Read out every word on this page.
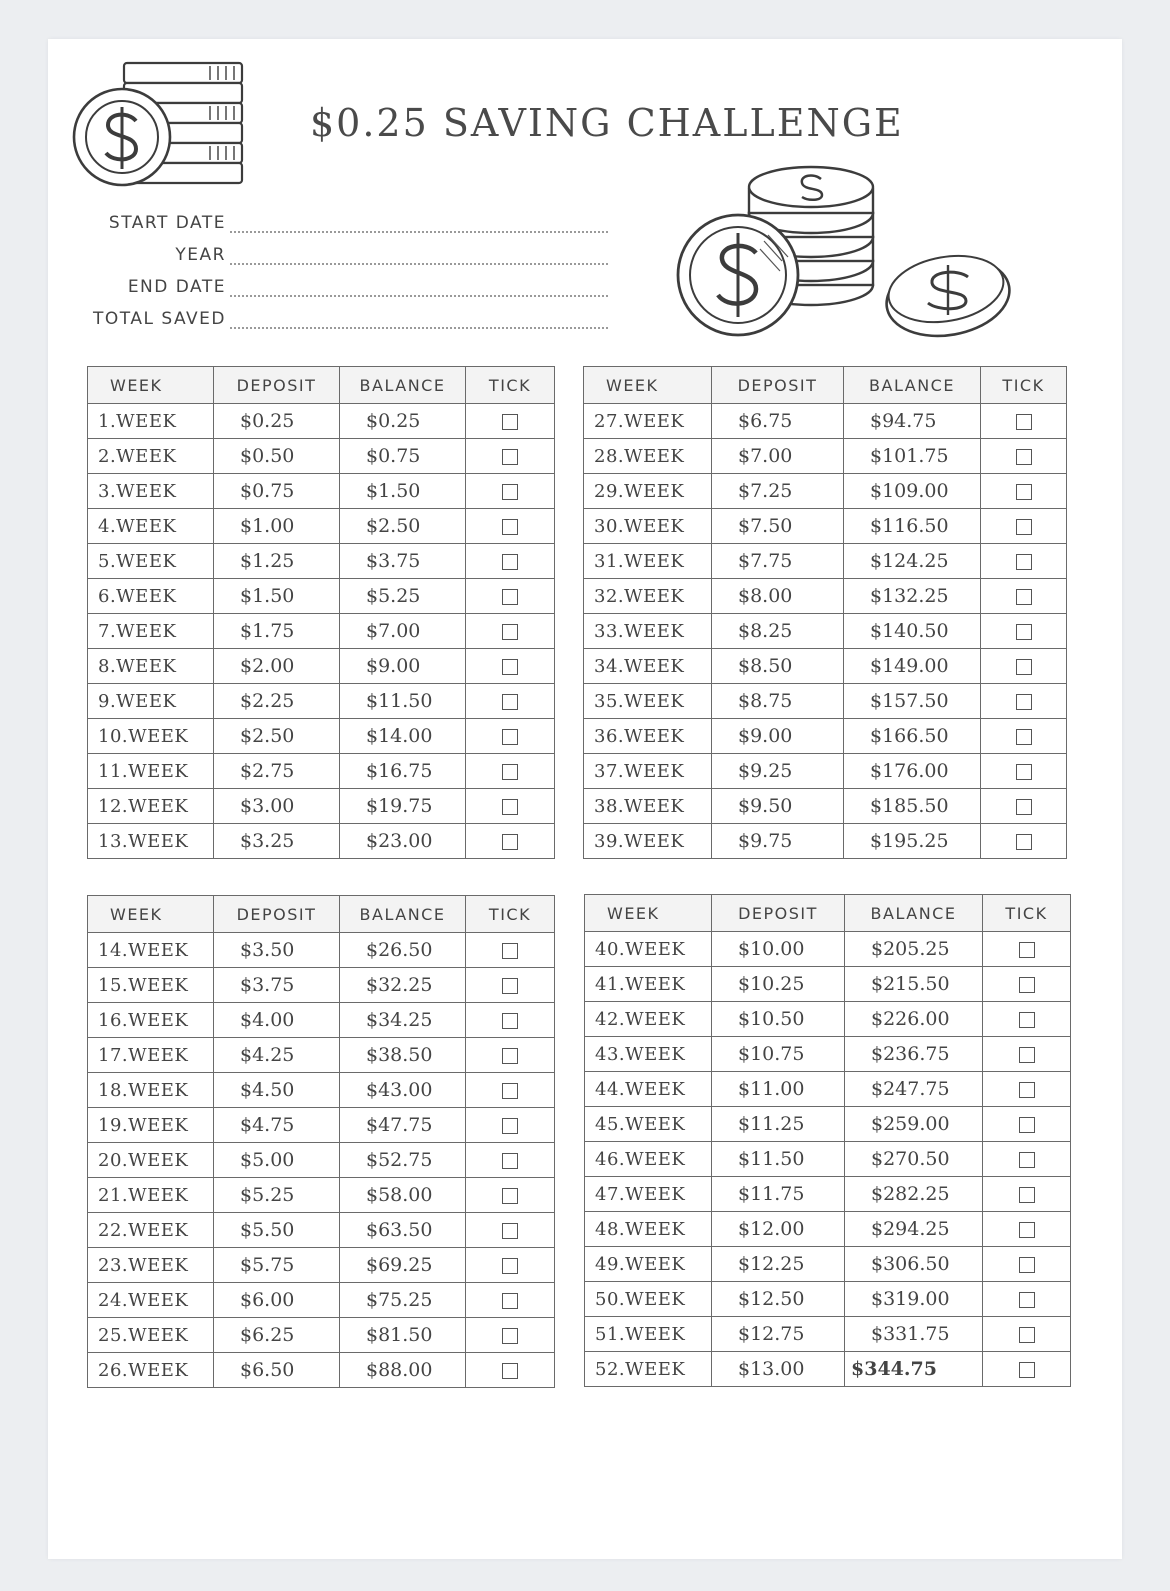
$0.25 SAVING CHALLENGE
START DATE
YEAR
END DATE
TOTAL SAVED
WEEK	DEPOSIT	BALANCE	TICK
1.WEEK	$0.25	$0.25	
2.WEEK	$0.50	$0.75	
3.WEEK	$0.75	$1.50	
4.WEEK	$1.00	$2.50	
5.WEEK	$1.25	$3.75	
6.WEEK	$1.50	$5.25	
7.WEEK	$1.75	$7.00	
8.WEEK	$2.00	$9.00	
9.WEEK	$2.25	$11.50	
10.WEEK	$2.50	$14.00	
11.WEEK	$2.75	$16.75	
12.WEEK	$3.00	$19.75	
13.WEEK	$3.25	$23.00	
WEEK	DEPOSIT	BALANCE	TICK
27.WEEK	$6.75	$94.75	
28.WEEK	$7.00	$101.75	
29.WEEK	$7.25	$109.00	
30.WEEK	$7.50	$116.50	
31.WEEK	$7.75	$124.25	
32.WEEK	$8.00	$132.25	
33.WEEK	$8.25	$140.50	
34.WEEK	$8.50	$149.00	
35.WEEK	$8.75	$157.50	
36.WEEK	$9.00	$166.50	
37.WEEK	$9.25	$176.00	
38.WEEK	$9.50	$185.50	
39.WEEK	$9.75	$195.25	
WEEK	DEPOSIT	BALANCE	TICK
14.WEEK	$3.50	$26.50	
15.WEEK	$3.75	$32.25	
16.WEEK	$4.00	$34.25	
17.WEEK	$4.25	$38.50	
18.WEEK	$4.50	$43.00	
19.WEEK	$4.75	$47.75	
20.WEEK	$5.00	$52.75	
21.WEEK	$5.25	$58.00	
22.WEEK	$5.50	$63.50	
23.WEEK	$5.75	$69.25	
24.WEEK	$6.00	$75.25	
25.WEEK	$6.25	$81.50	
26.WEEK	$6.50	$88.00	
WEEK	DEPOSIT	BALANCE	TICK
40.WEEK	$10.00	$205.25	
41.WEEK	$10.25	$215.50	
42.WEEK	$10.50	$226.00	
43.WEEK	$10.75	$236.75	
44.WEEK	$11.00	$247.75	
45.WEEK	$11.25	$259.00	
46.WEEK	$11.50	$270.50	
47.WEEK	$11.75	$282.25	
48.WEEK	$12.00	$294.25	
49.WEEK	$12.25	$306.50	
50.WEEK	$12.50	$319.00	
51.WEEK	$12.75	$331.75	
52.WEEK	$13.00	$344.75	
